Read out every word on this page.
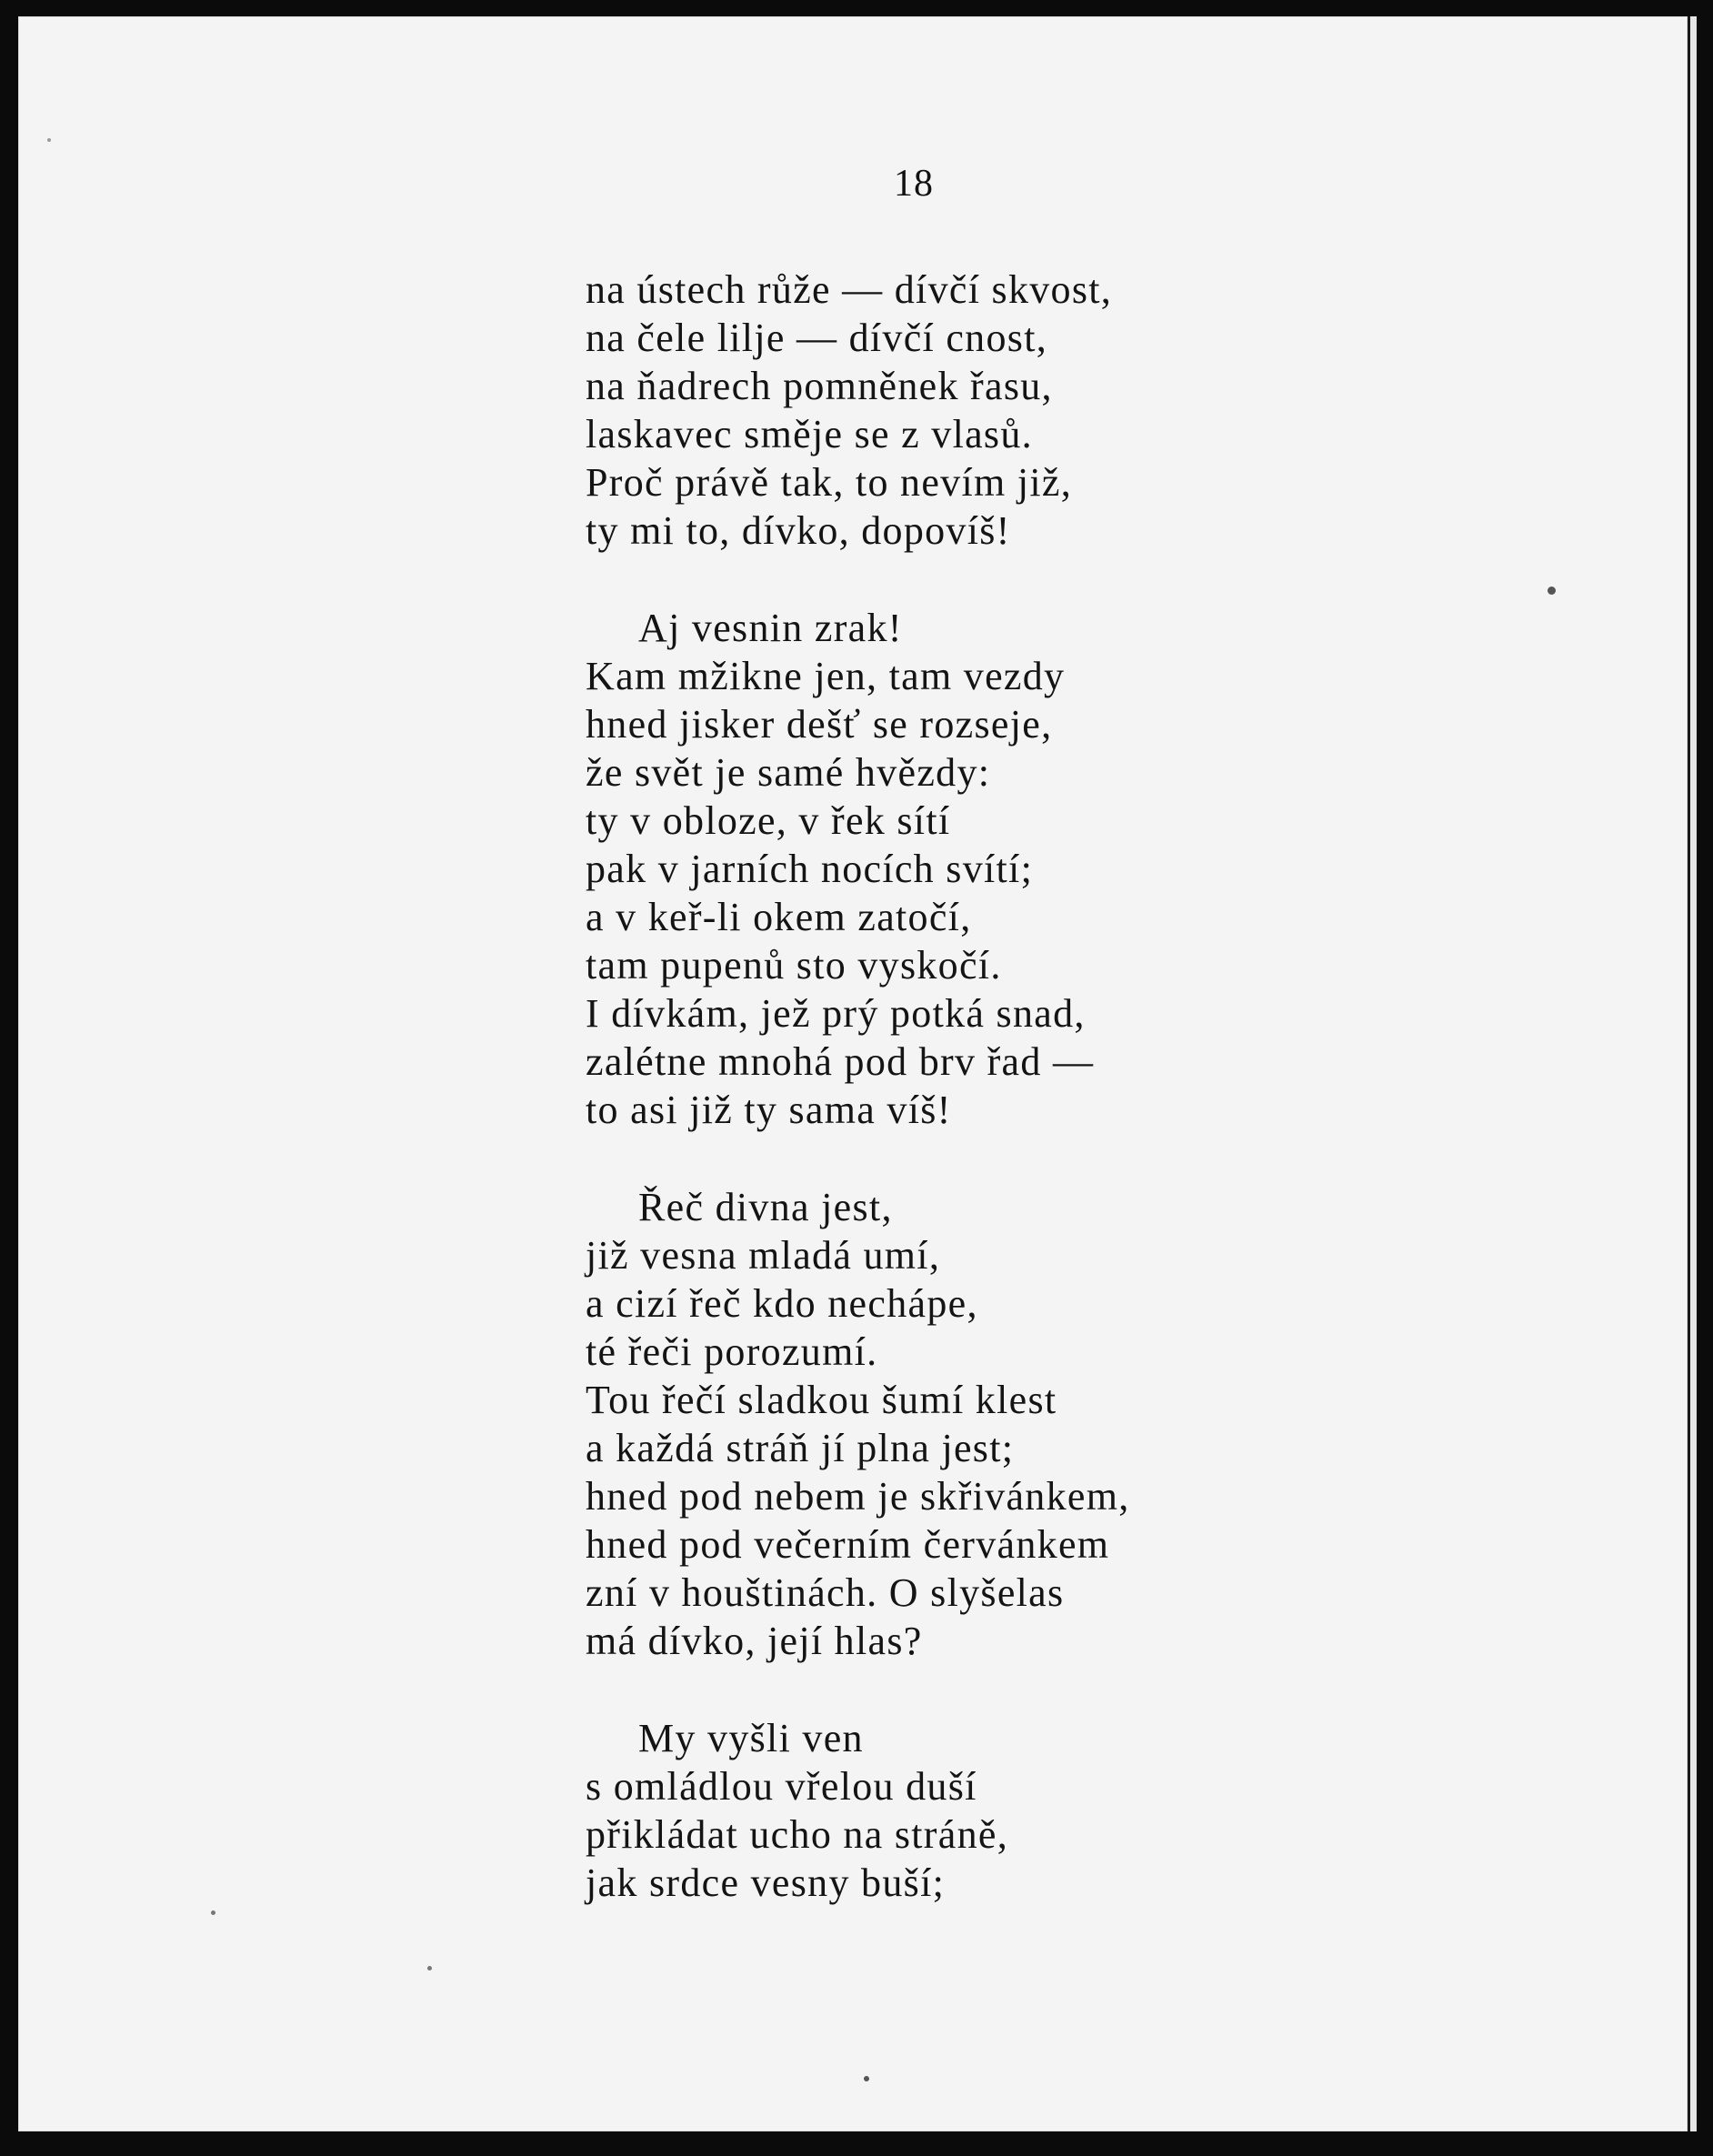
18
na ústech růže — dívčí skvost,
na čele lilje — dívčí cnost,
na ňadrech pomněnek řasu,
laskavec směje se z vlasů.
Proč právě tak, to nevím již,
ty mi to, dívko, dopovíš!
Aj vesnin zrak!
Kam mžikne jen, tam vezdy
hned jisker dešť se rozseje,
že svět je samé hvězdy:
ty v obloze, v řek sítí
pak v jarních nocích svítí;
a v keř-li okem zatočí,
tam pupenů sto vyskočí.
I dívkám, jež prý potká snad,
zalétne mnohá pod brv řad —
to asi již ty sama víš!
Řeč divna jest,
již vesna mladá umí,
a cizí řeč kdo nechápe,
té řeči porozumí.
Tou řečí sladkou šumí klest
a každá stráň jí plna jest;
hned pod nebem je skřivánkem,
hned pod večerním červánkem
zní v houštinách. O slyšelas
má dívko, její hlas?
My vyšli ven
s omládlou vřelou duší
přikládat ucho na stráně,
jak srdce vesny buší;
